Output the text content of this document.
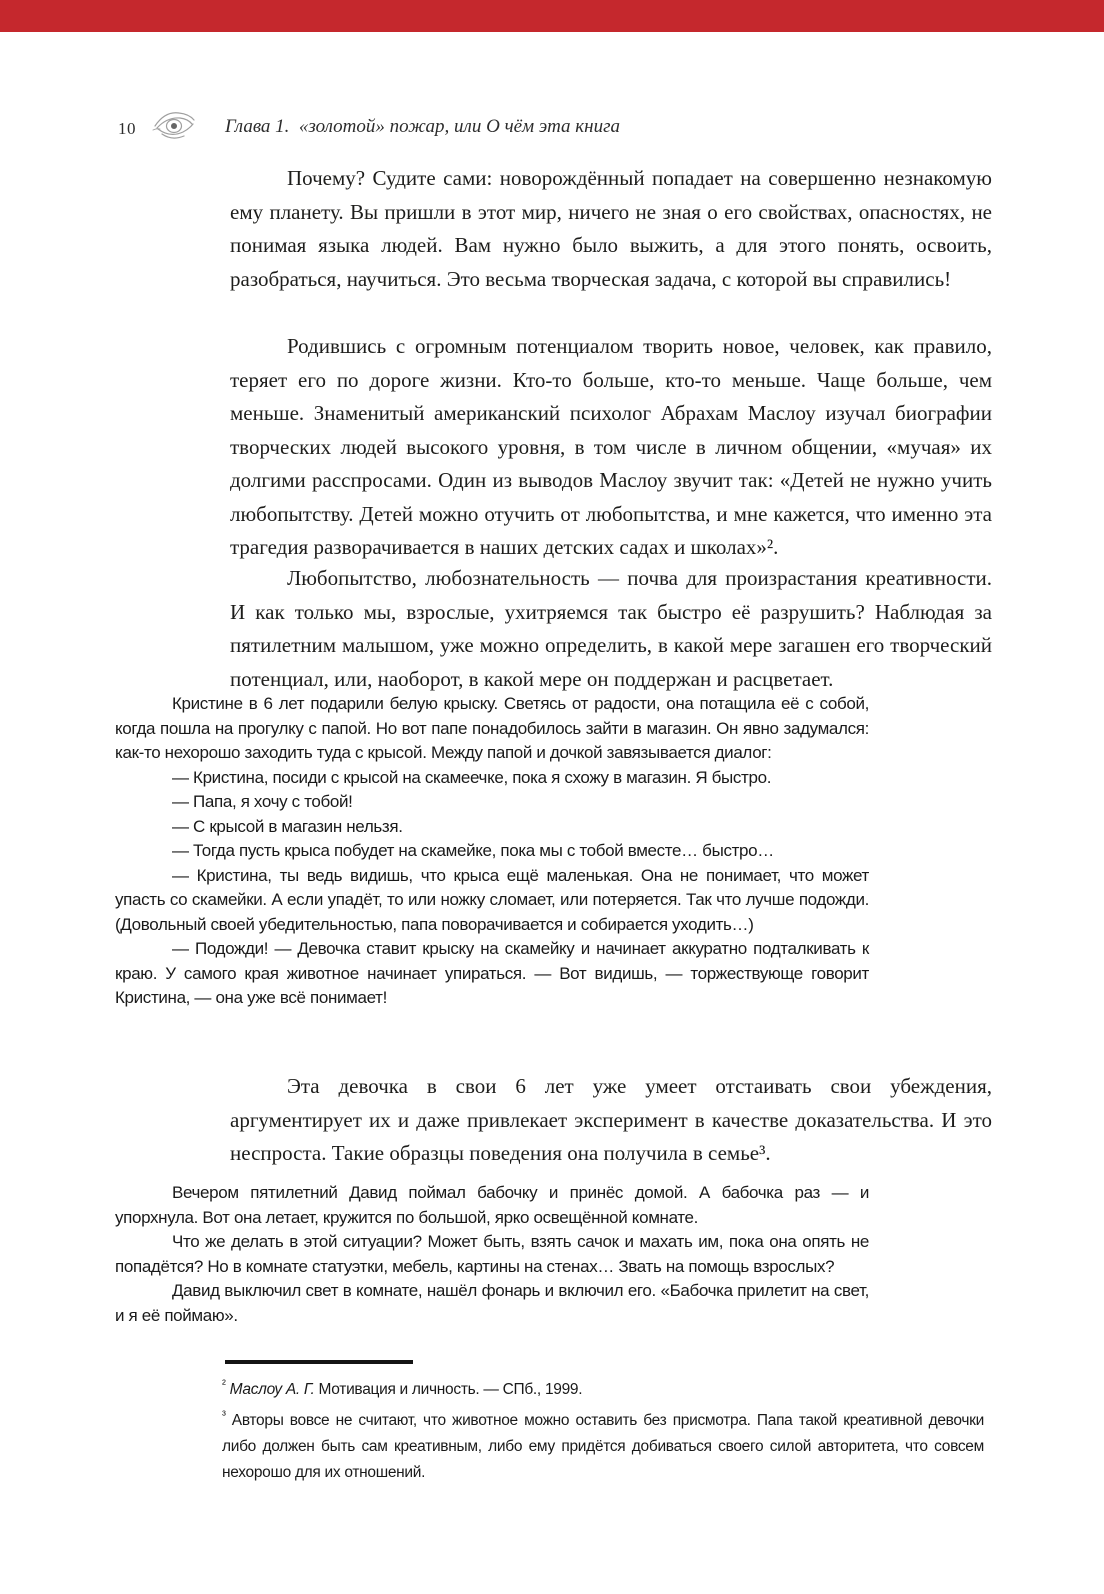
10	Глава 1. «золотой» пожар, или О чём эта книга
Почему? Судите сами: новорождённый попадает на совершенно незнакомую ему планету. Вы пришли в этот мир, ничего не зная о его свойствах, опасностях, не понимая языка людей. Вам нужно было выжить, а для этого понять, освоить, разобраться, научиться. Это весьма творческая задача, с которой вы справились!
Родившись с огромным потенциалом творить новое, человек, как правило, теряет его по дороге жизни. Кто-то больше, кто-то меньше. Чаще больше, чем меньше. Знаменитый американский психолог Абрахам Маслоу изучал биографии творческих людей высокого уровня, в том числе в личном общении, «мучая» их долгими расспросами. Один из выводов Маслоу звучит так: «Детей не нужно учить любопытству. Детей можно отучить от любопытства, и мне кажется, что именно эта трагедия разворачивается в наших детских садах и школах»².
Любопытство, любознательность — почва для произрастания креативности. И как только мы, взрослые, ухитряемся так быстро её разрушить? Наблюдая за пятилетним малышом, уже можно определить, в какой мере загашен его творческий потенциал, или, наоборот, в какой мере он поддержан и расцветает.

Кристине в 6 лет подарили белую крыску. Светясь от радости, она потащила её с собой, когда пошла на прогулку с папой. Но вот папе понадобилось зайти в магазин. Он явно задумался: как-то нехорошо заходить туда с крысой. Между папой и дочкой завязывается диалог:

— Кристина, посиди с крысой на скамеечке, пока я схожу в магазин. Я быстро.

— Папа, я хочу с тобой!

— С крысой в магазин нельзя.

— Тогда пусть крыса побудет на скамейке, пока мы с тобой вместе… быстро…

— Кристина, ты ведь видишь, что крыса ещё маленькая. Она не понимает, что может упасть со скамейки. А если упадёт, то или ножку сломает, или потеряется. Так что лучше подожди. (Довольный своей убедительностью, папа поворачивается и собирается уходить…)

— Подожди! — Девочка ставит крыску на скамейку и начинает аккуратно подталкивать к краю. У самого края животное начинает упираться. — Вот видишь, — торжествующе говорит Кристина, — она уже всё понимает!

Эта девочка в свои 6 лет уже умеет отстаивать свои убеждения, аргументирует их и даже привлекает эксперимент в качестве доказательства. И это неспроста. Такие образцы поведения она получила в семье³.

Вечером пятилетний Давид поймал бабочку и принёс домой. А бабочка раз — и упорхнула. Вот она летает, кружится по большой, ярко освещённой комнате.

Что же делать в этой ситуации? Может быть, взять сачок и махать им, пока она опять не попадётся? Но в комнате статуэтки, мебель, картины на стенах… Звать на помощь взрослых?

Давид выключил свет в комнате, нашёл фонарь и включил его. «Бабочка прилетит на свет, и я её поймаю».

$^{^2}$ Маслоу А. Г. Мотивация и личность. — СПб., 1999.

$^{^3}$ Авторы вовсе не считают, что животное можно оставить без присмотра. Папа такой креативной девочки либо должен быть сам креативным, либо ему придётся добиваться своего силой авторитета, что совсем нехорошо для их отношений.
